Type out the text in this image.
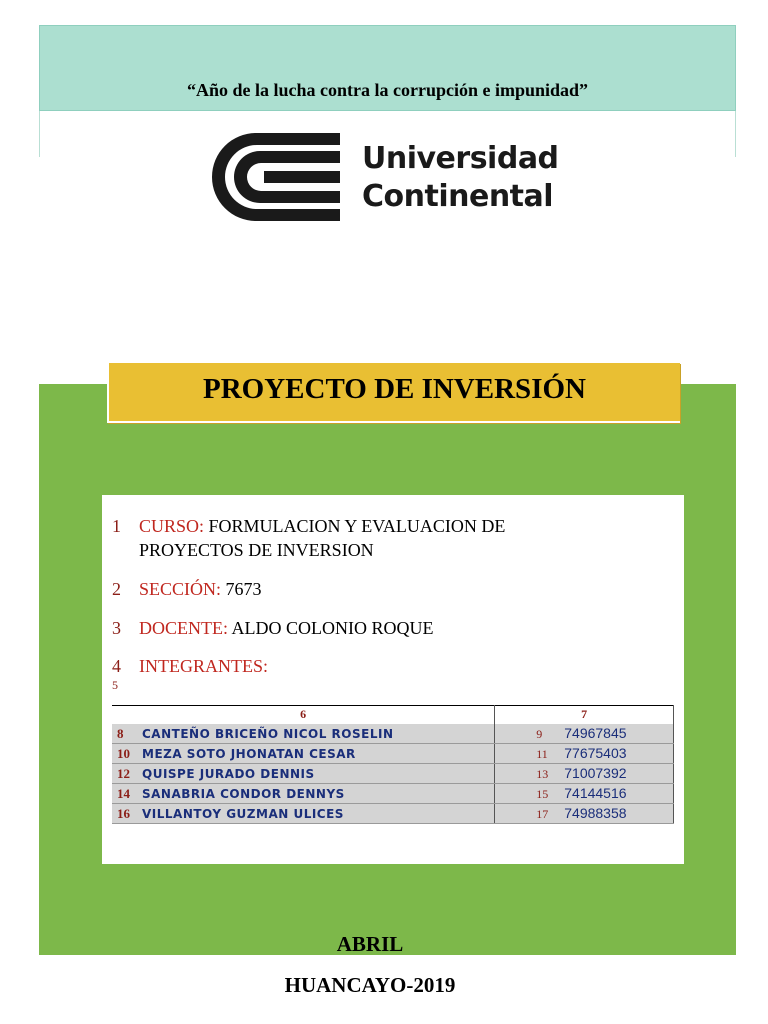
“Año de la lucha contra la corrupción e impunidad”
Universidad
Continental
PROYECTO DE INVERSIÓN
1 CURSO: FORMULACION Y EVALUACION DE
PROYECTOS DE INVERSION
2 SECCIÓN: 7673
3 DOCENTE: ALDO COLONIO ROQUE
4 INTEGRANTES:
5
6	7
8 CANTEÑO BRICEÑO NICOL ROSELIN	9 74967845
10 MEZA SOTO JHONATAN CESAR	11 77675403
12 QUISPE JURADO DENNIS	13 71007392
14 SANABRIA CONDOR DENNYS	15 74144516
16 VILLANTOY GUZMAN ULICES	17 74988358
ABRIL
HUANCAYO-2019
